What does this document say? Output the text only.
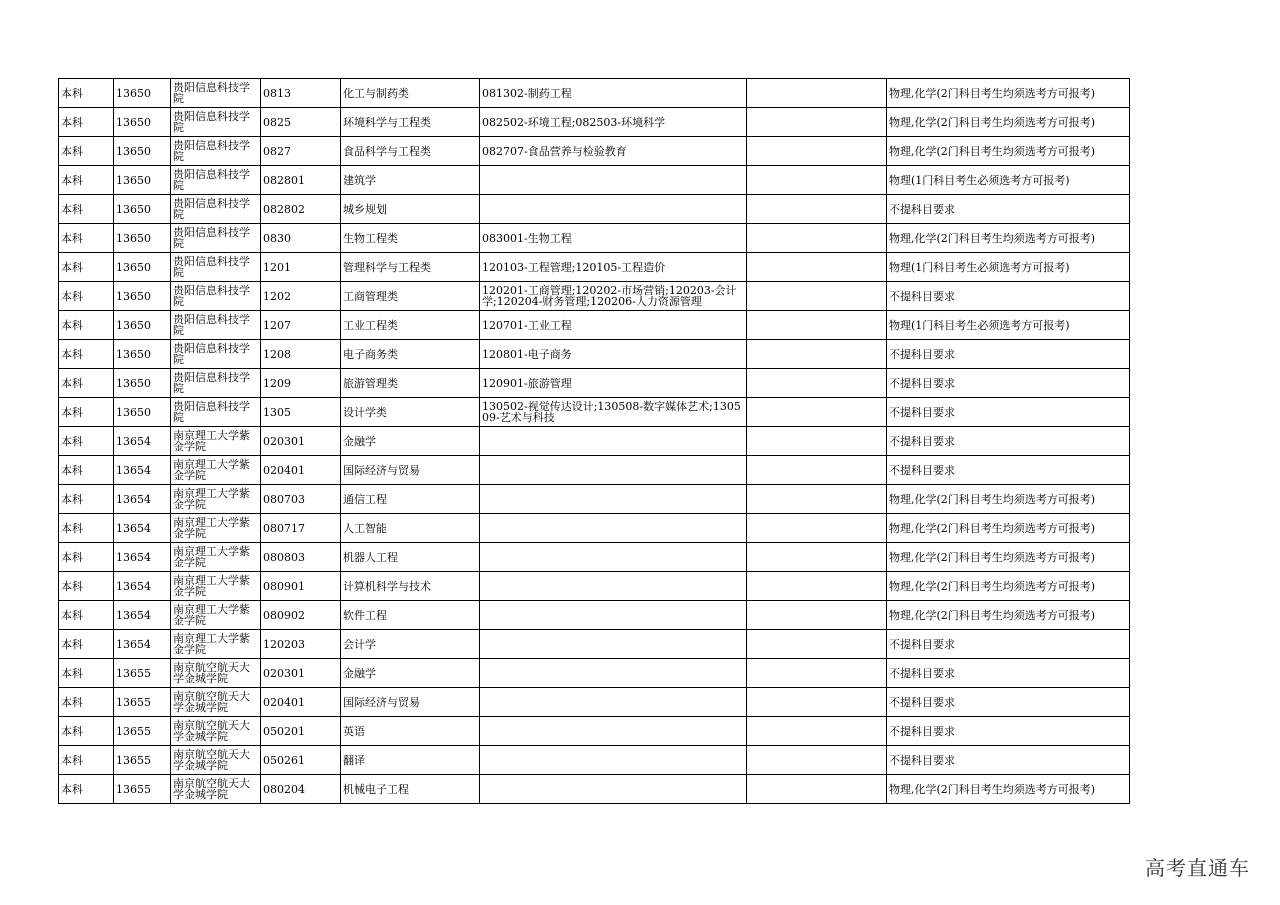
本科	13650	贵阳信息科技学院	0813	化工与制药类	081302-制药工程		物理,化学(2门科目考生均须选考方可报考)
本科	13650	贵阳信息科技学院	0825	环境科学与工程类	082502-环境工程;082503-环境科学		物理,化学(2门科目考生均须选考方可报考)
本科	13650	贵阳信息科技学院	0827	食品科学与工程类	082707-食品营养与检验教育		物理,化学(2门科目考生均须选考方可报考)
本科	13650	贵阳信息科技学院	082801	建筑学			物理(1门科目考生必须选考方可报考)
本科	13650	贵阳信息科技学院	082802	城乡规划			不提科目要求
本科	13650	贵阳信息科技学院	0830	生物工程类	083001-生物工程		物理,化学(2门科目考生均须选考方可报考)
本科	13650	贵阳信息科技学院	1201	管理科学与工程类	120103-工程管理;120105-工程造价		物理(1门科目考生必须选考方可报考)
本科	13650	贵阳信息科技学院	1202	工商管理类	120201-工商管理;120202-市场营销;120203-会计学;120204-财务管理;120206-人力资源管理		不提科目要求
本科	13650	贵阳信息科技学院	1207	工业工程类	120701-工业工程		物理(1门科目考生必须选考方可报考)
本科	13650	贵阳信息科技学院	1208	电子商务类	120801-电子商务		不提科目要求
本科	13650	贵阳信息科技学院	1209	旅游管理类	120901-旅游管理		不提科目要求
本科	13650	贵阳信息科技学院	1305	设计学类	130502-视觉传达设计;130508-数字媒体艺术;130509-艺术与科技		不提科目要求
本科	13654	南京理工大学紫金学院	020301	金融学			不提科目要求
本科	13654	南京理工大学紫金学院	020401	国际经济与贸易			不提科目要求
本科	13654	南京理工大学紫金学院	080703	通信工程			物理,化学(2门科目考生均须选考方可报考)
本科	13654	南京理工大学紫金学院	080717	人工智能			物理,化学(2门科目考生均须选考方可报考)
本科	13654	南京理工大学紫金学院	080803	机器人工程			物理,化学(2门科目考生均须选考方可报考)
本科	13654	南京理工大学紫金学院	080901	计算机科学与技术			物理,化学(2门科目考生均须选考方可报考)
本科	13654	南京理工大学紫金学院	080902	软件工程			物理,化学(2门科目考生均须选考方可报考)
本科	13654	南京理工大学紫金学院	120203	会计学			不提科目要求
本科	13655	南京航空航天大学金城学院	020301	金融学			不提科目要求
本科	13655	南京航空航天大学金城学院	020401	国际经济与贸易			不提科目要求
本科	13655	南京航空航天大学金城学院	050201	英语			不提科目要求
本科	13655	南京航空航天大学金城学院	050261	翻译			不提科目要求
本科	13655	南京航空航天大学金城学院	080204	机械电子工程			物理,化学(2门科目考生均须选考方可报考)
高考直通车
